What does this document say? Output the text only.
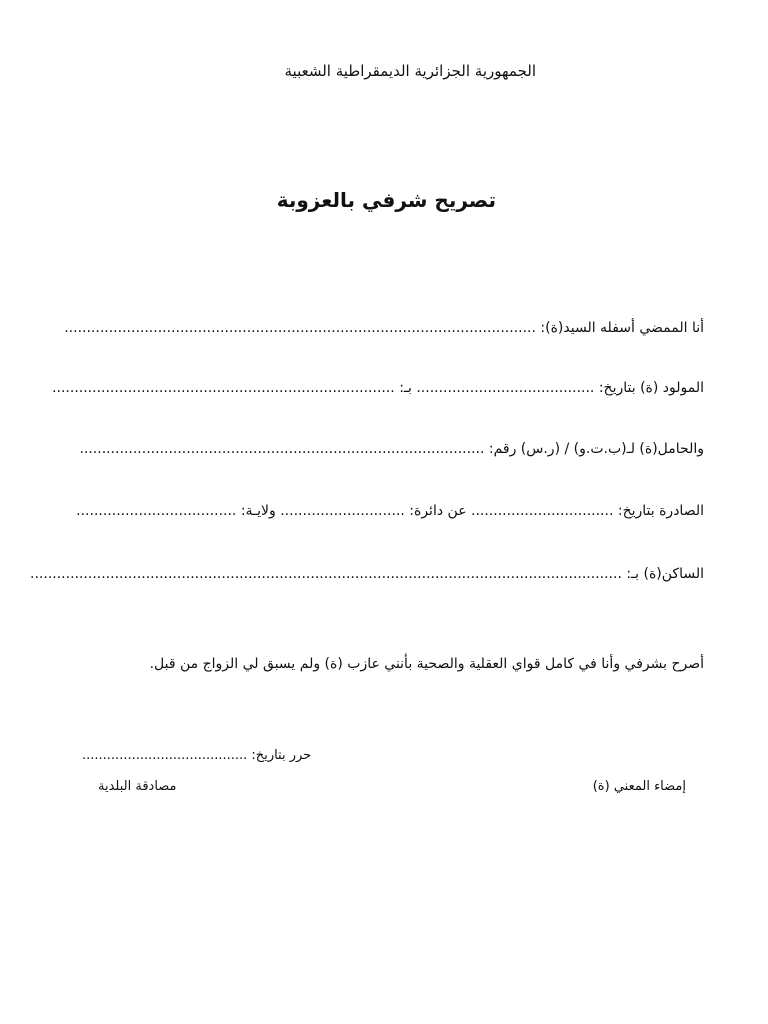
الجمهورية الجزائرية الديمقراطية الشعبية
تصريح شرفي بالعزوبة
أنا الممضي أسفله السيد(ة): ..........................................................................................................
المولود (ة) بتاريخ: ........................................ بـ: .............................................................................
والحامل(ة) لـ(ب.ت.و) / (ر.س) رقم: ...........................................................................................
الصادرة بتاريخ: ................................ عن دائرة: ............................ ولايـة: ....................................
الساكن(ة) بـ: .....................................................................................................................................
أصرح بشرفي وأنا في كامل قواي العقلية والصحية بأنني عازب (ة) ولم يسبق لي الزواج من قبل.
حرر بتاريخ: ........................................
إمضاء المعني (ة)
مصادقة البلدية
